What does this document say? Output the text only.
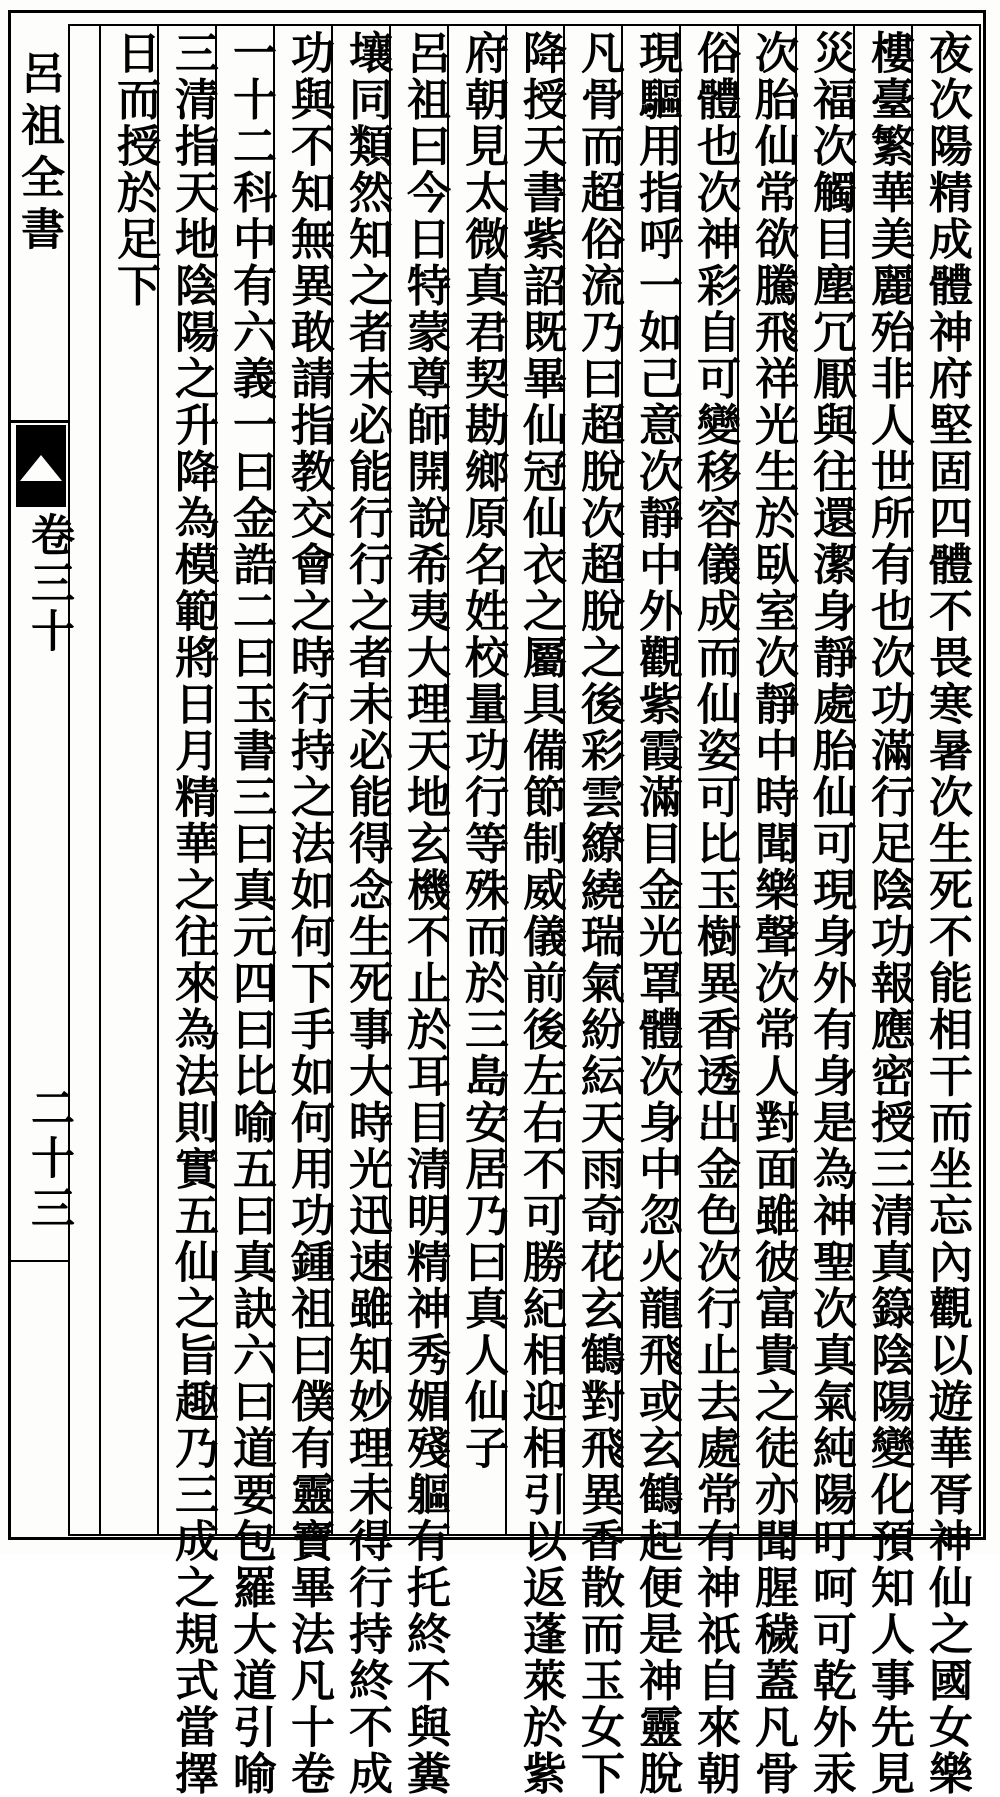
呂祖全書
卷三十
二十三	夜次陽精成體神府堅固四體不畏寒暑次生死不能相干而坐忘內觀以遊華胥神仙之國女樂
樓臺繁華美麗殆非人世所有也次功滿行足陰功報應密授三清真籙陰陽變化預知人事先見
災福次觸目塵冗厭與往還潔身靜處胎仙可現身外有身是為神聖次真氣純陽吁呵可乾外汞
次胎仙常欲騰飛祥光生於臥室次靜中時聞樂聲次常人對面雖彼富貴之徒亦聞腥穢蓋凡骨
俗體也次神彩自可變移容儀成而仙姿可比玉樹異香透出金色次行止去處常有神祇自來朝
現驅用指呼一如己意次靜中外觀紫霞滿目金光罩體次身中忽火龍飛或玄鶴起便是神靈脫
凡骨而超俗流乃曰超脫次超脫之後彩雲繚繞瑞氣紛紜天雨奇花玄鶴對飛異香散而玉女下
降授天書紫詔既畢仙冠仙衣之屬具備節制威儀前後左右不可勝紀相迎相引以返蓬萊於紫
府朝見太微真君契勘鄉原名姓校量功行等殊而於三島安居乃曰真人仙子
呂祖曰今日特蒙尊師開說希夷大理天地玄機不止於耳目清明精神秀媚殘軀有托終不與糞
壤同類然知之者未必能行行之者未必能得念生死事大時光迅速雖知妙理未得行持終不成
功與不知無異敢請指教交會之時行持之法如何下手如何用功鍾祖曰僕有靈寶畢法凡十卷
一十二科中有六義一曰金誥二曰玉書三曰真元四曰比喻五曰真訣六曰道要包羅大道引喻
三清指天地陰陽之升降為模範將日月精華之往來為法則實五仙之旨趣乃三成之規式當擇
日而授於足下
